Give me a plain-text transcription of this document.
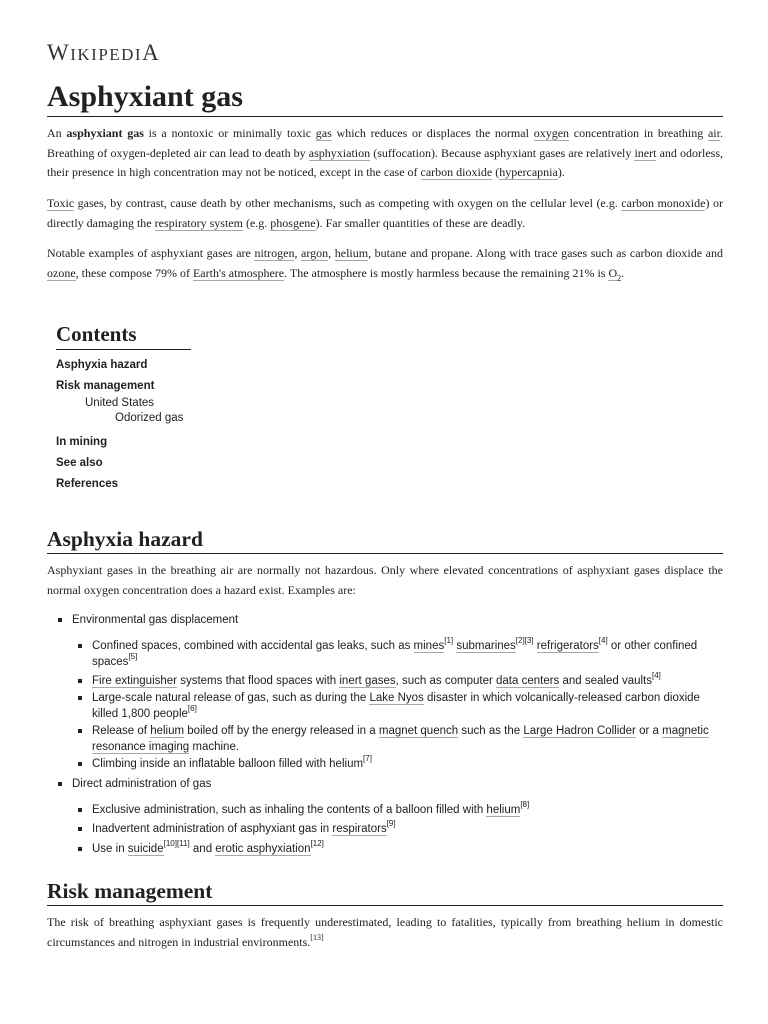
WIKIPEDIA
Asphyxiant gas

An asphyxiant gas is a nontoxic or minimally toxic gas which reduces or displaces the normal oxygen concentration in breathing air. Breathing of oxygen-depleted air can lead to death by asphyxiation (suffocation). Because asphyxiant gases are relatively inert and odorless, their presence in high concentration may not be noticed, except in the case of carbon dioxide (hypercapnia).

Toxic gases, by contrast, cause death by other mechanisms, such as competing with oxygen on the cellular level (e.g. carbon monoxide) or directly damaging the respiratory system (e.g. phosgene). Far smaller quantities of these are deadly.

Notable examples of asphyxiant gases are nitrogen, argon, helium, butane and propane. Along with trace gases such as carbon dioxide and ozone, these compose 79% of Earth's atmosphere. The atmosphere is mostly harmless because the remaining 21% is $O_2$.

Contents
Asphyxia hazard
Risk management
United States
Odorized gas
In mining
See also
References
Asphyxia hazard

Asphyxiant gases in the breathing air are normally not hazardous. Only where elevated concentrations of asphyxiant gases displace the normal oxygen concentration does a hazard exist. Examples are:

Environmental gas displacement
Confined spaces, combined with accidental gas leaks, such as mines[1] submarines[2][3] refrigerators[4] or other confined spaces[5]
Fire extinguisher systems that flood spaces with inert gases, such as computer data centers and sealed vaults[4]
Large-scale natural release of gas, such as during the Lake Nyos disaster in which volcanically-released carbon dioxide killed 1,800 people[6]
Release of helium boiled off by the energy released in a magnet quench such as the Large Hadron Collider or a magnetic resonance imaging machine.
Climbing inside an inflatable balloon filled with helium[7]
Direct administration of gas
Exclusive administration, such as inhaling the contents of a balloon filled with helium[8]
Inadvertent administration of asphyxiant gas in respirators[9]
Use in suicide[10][11] and erotic asphyxiation[12]
Risk management

The risk of breathing asphyxiant gases is frequently underestimated, leading to fatalities, typically from breathing helium in domestic circumstances and nitrogen in industrial environments.[13]
